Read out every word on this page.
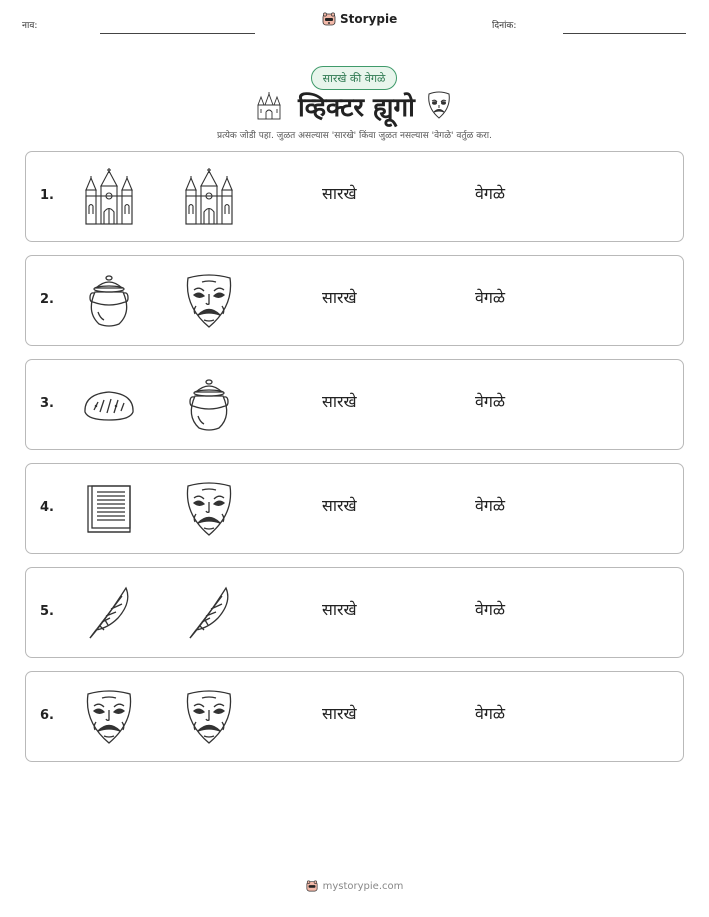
नाव:	Storypie	दिनांक:
सारखे की वेगळे
व्हिक्टर ह्यूगो
प्रत्येक जोडी पहा. जुळत असल्यास 'सारखे' किंवा जुळत नसल्यास 'वेगळे' वर्तुळ करा.
1.	सारखे	वेगळे
2.	सारखे	वेगळे
3.	सारखे	वेगळे
4.	सारखे	वेगळे
5.	सारखे	वेगळे
6.	सारखे	वेगळे
mystorypie.com
